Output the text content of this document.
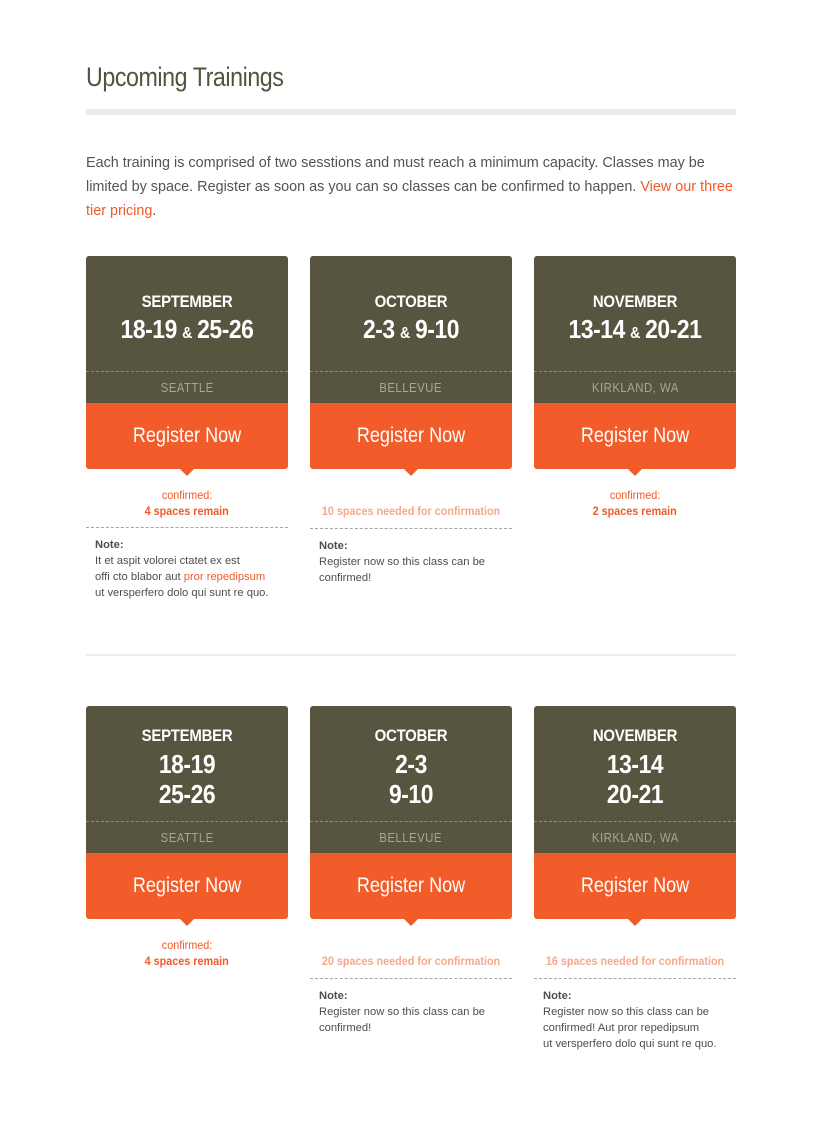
Upcoming Trainings

Each training is comprised of two sesstions and must reach a minimum capacity. Classes may be limited by space. Register as soon as you can so classes can be confirmed to happen. View our three tier pricing.

SEPTEMBER
18-19 & 25-26
SEATTLE
Register Now
confirmed:
4 spaces remain
Note:
It et aspit volorei ctatet ex est
offi cto blabor aut pror repedipsum
ut versperfero dolo qui sunt re quo.
OCTOBER
2-3 & 9-10
BELLEVUE
Register Now
10 spaces needed for confirmation
Note:
Register now so this class can be confirmed!
NOVEMBER
13-14 & 20-21
KIRKLAND, WA
Register Now
confirmed:
2 spaces remain
SEPTEMBER
18-19
25-26
SEATTLE
Register Now
confirmed:
4 spaces remain
OCTOBER
2-3
9-10
BELLEVUE
Register Now
20 spaces needed for confirmation
Note:
Register now so this class can be confirmed!
NOVEMBER
13-14
20-21
KIRKLAND, WA
Register Now
16 spaces needed for confirmation
Note:
Register now so this class can be
confirmed! Aut pror repedipsum
ut versperfero dolo qui sunt re quo.
